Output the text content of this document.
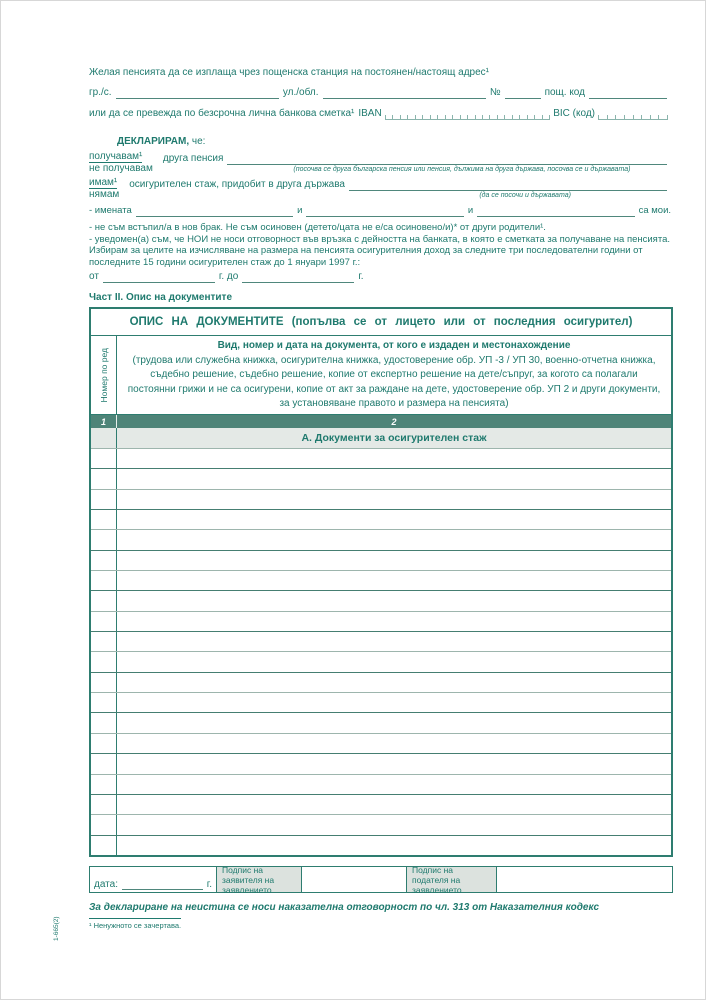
Желая пенсията да се изплаща чрез пощенска станция на постоянен/настоящ адрес¹

гр./с.	ул./обл.	№	пощ. код
или да се превежда по безсрочна лична банкова сметка¹ IBAN	BIC (код)

ДЕКЛАРИРАМ, че:

получавам¹
не получавам
друга пенсия
(посочва се друга българска пенсия или пенсия, дължима на друга държава, посочва се и държавата)
имам¹
нямам
осигурителен стаж, придобит в друга държава
(да се посочи и държавата)
- имената	и	и	са мои.

- не съм встъпил/а в нов брак. Не съм осиновен (детето/цата не е/са осиновено/и)* от други родители¹.

- уведомен(а) съм, че НОИ не носи отговорност във връзка с дейността на банката, в която е сметката за получаване на пенсията.

Избирам за целите на изчисляване на размера на пенсията осигурителния доход за следните три последователни години от последните 15 години осигурителен стаж до 1 януари 1997 г.:

от	г. до	г.

Част II. Опис на документите

ОПИС НА ДОКУМЕНТИТЕ (попълва се от лицето или от последния осигурител)
Номер по ред
Вид, номер и дата на документа, от кого е издаден и местонахождение
(трудова или служебна книжка, осигурителна книжка, удостоверение обр. УП -3 / УП 30, военно-отчетна книжка, съдебно решение, съдебно решение, копие от експертно решение на дете/съпруг, за когото са полагали постоянни грижи и не са осигурени, копие от акт за раждане на дете, удостоверение обр. УП 2 и други документи, за установяване правото и размера на пенсията)
1	2
А. Документи за осигурителен стаж
дата:	г.
Подпис на заявителя на заявлението
Подпис на подателя на заявлението

За деклариране на неистина се носи наказателна отговорност по чл. 313 от Наказателния кодекс

¹ Ненужното се зачертава.

1-665(2)
